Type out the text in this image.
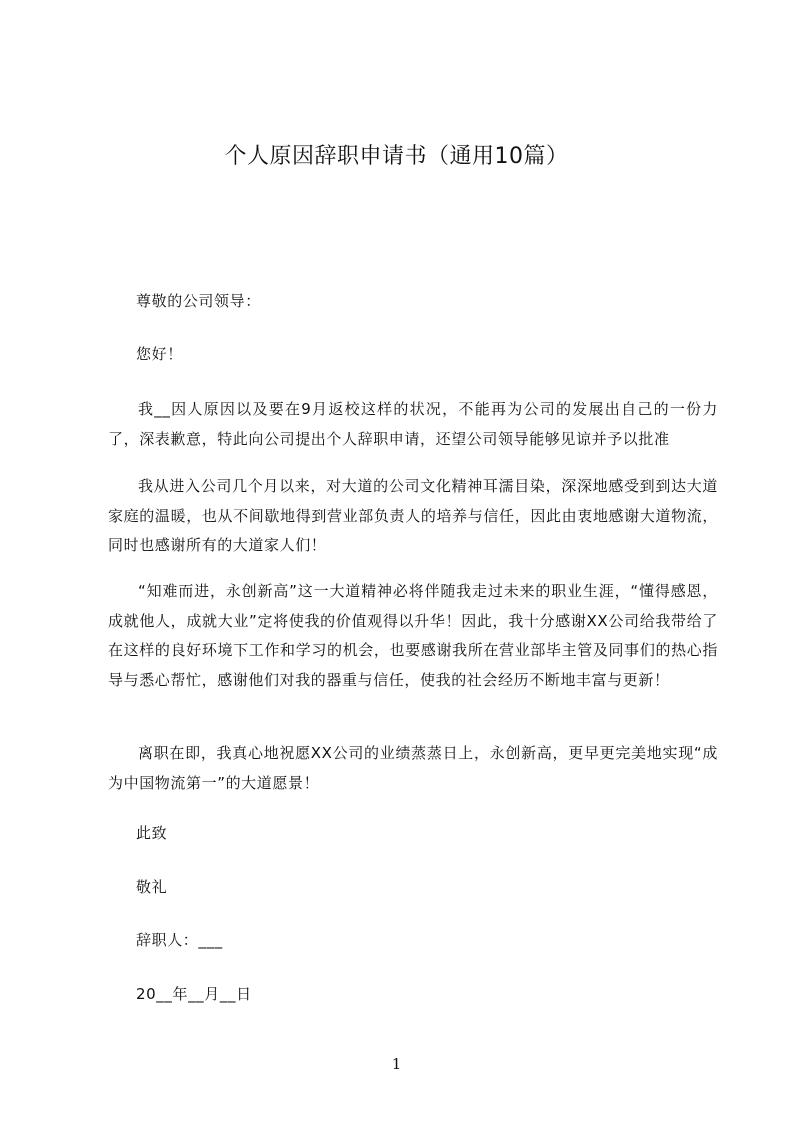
个人原因辞职申请书（通用10篇）

尊敬的公司领导：

您好！

我__因人原因以及要在9月返校这样的状况，不能再为公司的发展出自己的一份力了，深表歉意，特此向公司提出个人辞职申请，还望公司领导能够见谅并予以批准

我从进入公司几个月以来，对大道的公司文化精神耳濡目染，深深地感受到到达大道家庭的温暖，也从不间歇地得到营业部负责人的培养与信任，因此由衷地感谢大道物流，同时也感谢所有的大道家人们！

“知难而进，永创新高”这一大道精神必将伴随我走过未来的职业生涯，“懂得感恩，成就他人，成就大业”定将使我的价值观得以升华！因此，我十分感谢XX公司给我带给了在这样的良好环境下工作和学习的机会，也要感谢我所在营业部毕主管及同事们的热心指导与悉心帮忙，感谢他们对我的器重与信任，使我的社会经历不断地丰富与更新！

离职在即，我真心地祝愿XX公司的业绩蒸蒸日上，永创新高，更早更完美地实现“成为中国物流第一”的大道愿景！

此致

敬礼

辞职人：___

20__年__月__日

1
